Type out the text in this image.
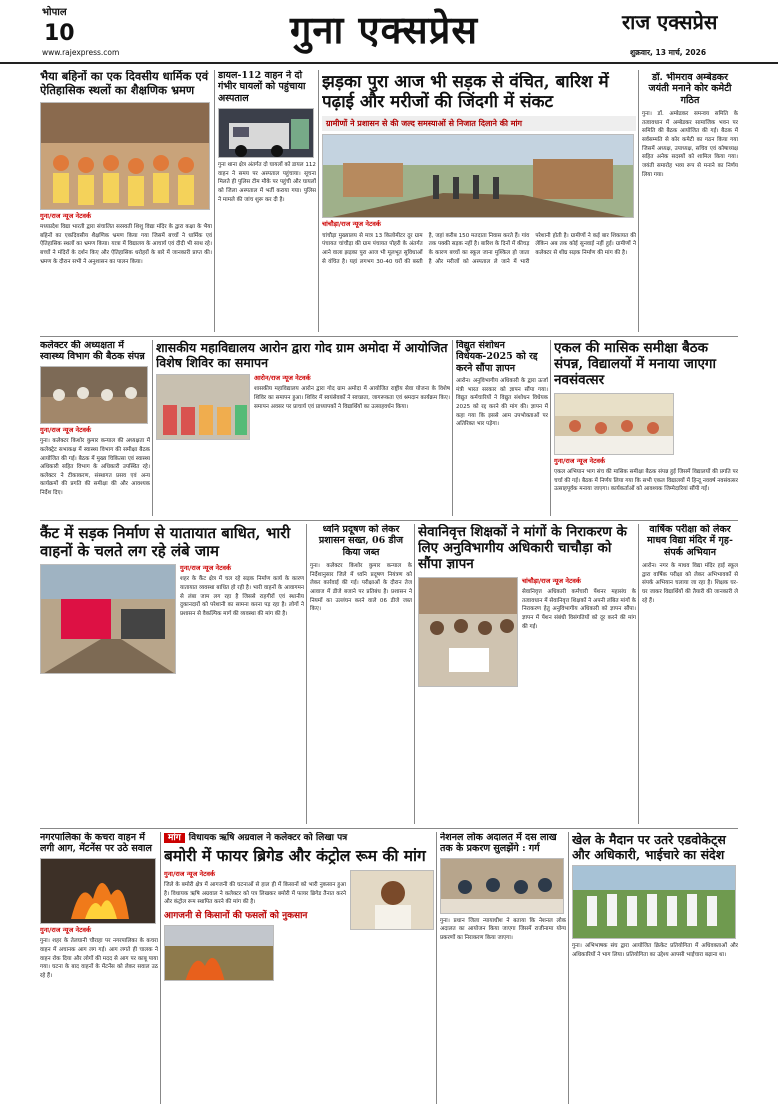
भोपाल
10
www.rajexpress.com
गुना एक्सप्रेस	राज एक्सप्रेस
शुक्रवार, 13 मार्च, 2026
भैया बहिनों का एक दिवसीय धार्मिक एवं ऐतिहासिक स्थलों का शैक्षणिक भ्रमण
गुना/राज न्यूज नेटवर्क
मध्यप्रदेश विद्या भारती द्वारा संचालित सरस्वती शिशु विद्या मंदिर के द्वारा कक्षा के भैया बहिनों का एकदिवसीय शैक्षणिक भ्रमण किया गया जिसमें बच्चों ने धार्मिक एवं ऐतिहासिक स्थलों का भ्रमण किया। यात्रा में विद्यालय के आचार्य एवं दीदी भी साथ रहे। बच्चों ने मंदिरों के दर्शन किए और ऐतिहासिक धरोहरों के बारे में जानकारी प्राप्त की। भ्रमण के दौरान सभी ने अनुशासन का पालन किया।
डायल-112 वाहन ने दो गंभीर घायलों को पहुंचाया अस्पताल
गुना थाना क्षेत्र अंतर्गत दो घायलों को डायल 112 वाहन ने समय पर अस्पताल पहुंचाया। सूचना मिलते ही पुलिस टीम मौके पर पहुंची और घायलों को जिला अस्पताल में भर्ती कराया गया। पुलिस ने मामले की जांच शुरू कर दी है।
झड़का पुरा आज भी सड़क से वंचित, बारिश में पढ़ाई और मरीजों की जिंदगी में संकट
ग्रामीणों ने प्रशासन से की जल्द समस्याओं से निजात दिलाने की मांग
चांचौड़ा/राज न्यूज नेटवर्क
चांचौड़ा मुख्यालय से मात्र 13 किलोमीटर दूर ग्राम पंचायत चांचौड़ा की ग्राम पंचायत पोहरी के अंतर्गत आने वाला झड़का पुरा आज भी मूलभूत सुविधाओं से वंचित है। यहां लगभग 30-40 घरों की बस्ती है, जहां करीब 150 मतदाता निवास करते हैं। गांव तक पक्की सड़क नहीं है। बारिश के दिनों में कीचड़ के कारण बच्चों का स्कूल जाना मुश्किल हो जाता है और मरीजों को अस्पताल ले जाने में भारी परेशानी होती है। ग्रामीणों ने कई बार शिकायत की लेकिन अब तक कोई सुनवाई नहीं हुई। ग्रामीणों ने कलेक्टर से शीघ्र सड़क निर्माण की मांग की है।
डॉ. भीमराव अम्बेडकर जयंती मनाने कोर कमेटी गठित
गुना। डॉ. अम्बेडकर समन्वय समिति के तत्वावधान में अम्बेडकर सामाजिक भवन पर समिति की बैठक आयोजित की गई। बैठक में सर्वसम्मति से कोर कमेटी का गठन किया गया जिसमें अध्यक्ष, उपाध्यक्ष, सचिव एवं कोषाध्यक्ष सहित अनेक सदस्यों को शामिल किया गया। जयंती समारोह भव्य रूप से मनाने का निर्णय लिया गया।
कलेक्टर की अध्यक्षता में स्वास्थ्य विभाग की बैठक संपन्न
गुना/राज न्यूज नेटवर्क
गुना। कलेक्टर किशोर कुमार कन्याल की अध्यक्षता में कलेक्ट्रेट सभाकक्ष में स्वास्थ्य विभाग की समीक्षा बैठक आयोजित की गई। बैठक में मुख्य चिकित्सा एवं स्वास्थ्य अधिकारी सहित विभाग के अधिकारी उपस्थित रहे। कलेक्टर ने टीकाकरण, संस्थागत प्रसव एवं अन्य कार्यक्रमों की प्रगति की समीक्षा की और आवश्यक निर्देश दिए।
शासकीय महाविद्यालय आरोन द्वारा गोद ग्राम अमोदा में आयोजित विशेष शिविर का समापन
आरोन/राज न्यूज नेटवर्क
शासकीय महाविद्यालय आरोन द्वारा गोद ग्राम अमोदा में आयोजित राष्ट्रीय सेवा योजना के विशेष शिविर का समापन हुआ। शिविर में स्वयंसेवकों ने स्वच्छता, जागरूकता एवं श्रमदान कार्यक्रम किए। समापन अवसर पर प्राचार्य एवं प्राध्यापकों ने विद्यार्थियों का उत्साहवर्धन किया।
विद्युत संशोधन विधेयक-2025 को रद्द करने सौंपा ज्ञापन
आरोन। अनुविभागीय अधिकारी के द्वारा ऊर्जा मंत्री भारत सरकार को ज्ञापन सौंपा गया। विद्युत कर्मचारियों ने विद्युत संशोधन विधेयक 2025 को रद्द करने की मांग की। ज्ञापन में कहा गया कि इससे आम उपभोक्ताओं पर अतिरिक्त भार पड़ेगा।
एकल की मासिक समीक्षा बैठक संपन्न, विद्यालयों में मनाया जाएगा नवसंवत्सर
गुना/राज न्यूज नेटवर्क
एकल अभियान भाग संच की मासिक समीक्षा बैठक संपन्न हुई जिसमें विद्यालयों की प्रगति पर चर्चा की गई। बैठक में निर्णय लिया गया कि सभी एकल विद्यालयों में हिन्दू नववर्ष नवसंवत्सर उत्साहपूर्वक मनाया जाएगा। कार्यकर्ताओं को आवश्यक जिम्मेदारियां सौंपी गईं।
कैंट में सड़क निर्माण से यातायात बाधित, भारी वाहनों के चलते लग रहे लंबे जाम
गुना/राज न्यूज नेटवर्क
शहर के कैंट क्षेत्र में चल रहे सड़क निर्माण कार्य के कारण यातायात व्यवस्था बाधित हो रही है। भारी वाहनों के आवागमन से लंबा जाम लग रहा है जिससे राहगीरों एवं स्थानीय दुकानदारों को परेशानी का सामना करना पड़ रहा है। लोगों ने प्रशासन से वैकल्पिक मार्ग की व्यवस्था की मांग की है।
ध्वनि प्रदूषण को लेकर प्रशासन सख्त, 06 डीज किया जब्त
गुना। कलेक्टर किशोर कुमार कन्याल के निर्देशानुसार जिले में ध्वनि प्रदूषण नियंत्रण को लेकर कार्रवाई की गई। परीक्षाओं के दौरान तेज आवाज में डीजे बजाने पर प्रतिबंध है। प्रशासन ने नियमों का उल्लंघन करने वाले 06 डीजे जब्त किए।
सेवानिवृत्त शिक्षकों ने मांगों के निराकरण के लिए अनुविभागीय अधिकारी चाचौड़ा को सौंपा ज्ञापन
चांचौड़ा/राज न्यूज नेटवर्क
सेवानिवृत्त अधिकारी कर्मचारी पेंशनर महासंघ के तत्वावधान में सेवानिवृत्त शिक्षकों ने अपनी लंबित मांगों के निराकरण हेतु अनुविभागीय अधिकारी को ज्ञापन सौंपा। ज्ञापन में पेंशन संबंधी विसंगतियों को दूर करने की मांग की गई।
वार्षिक परीक्षा को लेकर माधव विद्या मंदिर में गृह-संपर्क अभियान
आरोन। नगर के माधव विद्या मंदिर हाई स्कूल द्वारा वार्षिक परीक्षा को लेकर अभिभावकों से संपर्क अभियान चलाया जा रहा है। शिक्षक घर-घर जाकर विद्यार्थियों की तैयारी की जानकारी ले रहे हैं।
नगरपालिका के कचरा वाहन में लगी आग, मेंटनेंस पर उठे सवाल
गुना/राज न्यूज नेटवर्क
गुना। शहर के तेलघानी चौराहा पर नगरपालिका के कचरा वाहन में अचानक आग लग गई। आग लगते ही चालक ने वाहन रोक दिया और लोगों की मदद से आग पर काबू पाया गया। घटना के बाद वाहनों के मेंटनेंस को लेकर सवाल उठ रहे हैं।
मांग विधायक ऋषि अग्रवाल ने कलेक्टर को लिखा पत्र
बमोरी में फायर ब्रिगेड और कंट्रोल रूम की मांग
गुना/राज न्यूज नेटवर्क
जिले के बमोरी क्षेत्र में आगजनी की घटनाओं से हाल ही में किसानों को भारी नुकसान हुआ है। विधायक ऋषि अग्रवाल ने कलेक्टर को पत्र लिखकर बमोरी में फायर ब्रिगेड तैनात करने और कंट्रोल रूम स्थापित करने की मांग की है।
आगजनी से किसानों की फसलों को नुकसान
नेशनल लोक अदालत में दस लाख तक के प्रकरण सुलझेंगे : गर्ग
गुना। प्रधान जिला न्यायाधीश ने बताया कि नेशनल लोक अदालत का आयोजन किया जाएगा जिसमें राजीनामा योग्य प्रकरणों का निराकरण किया जाएगा।
खेल के मैदान पर उतरे एडवोकेट्स और अधिकारी, भाईचारे का संदेश
गुना। अभिभाषक संघ द्वारा आयोजित क्रिकेट प्रतियोगिता में अधिवक्ताओं और अधिकारियों ने भाग लिया। प्रतियोगिता का उद्देश्य आपसी भाईचारा बढ़ाना था।
